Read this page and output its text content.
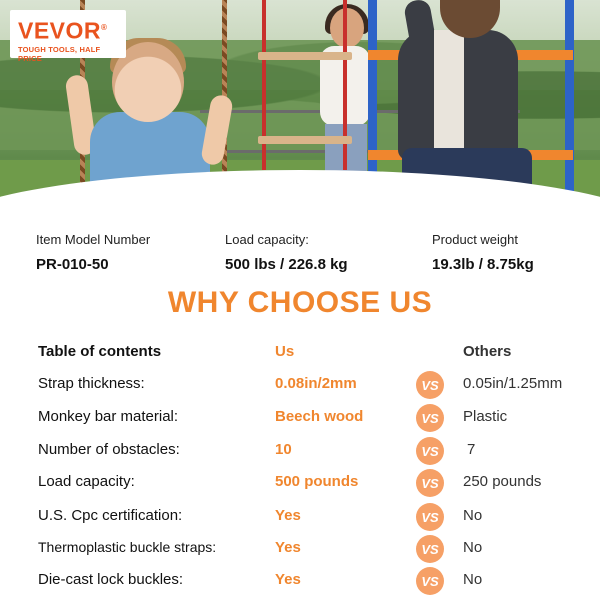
VEVOR®
TOUGH TOOLS, HALF PRICE
Item Model Number
PR-010-50
Load capacity:
500 lbs / 226.8 kg
Product weight
19.3lb / 8.75kg
WHY CHOOSE US
Table of contents	Us	Others
Strap thickness:	0.08in/2mm	VS 0.05in/1.25mm
Monkey bar material:	Beech wood	VS Plastic
Number of obstacles:	10	VS 7
Load capacity:	500 pounds	VS 250 pounds
U.S. Cpc certification:	Yes	VS No
Thermoplastic buckle straps:	Yes	VS No
Die-cast lock buckles:	Yes	VS No
